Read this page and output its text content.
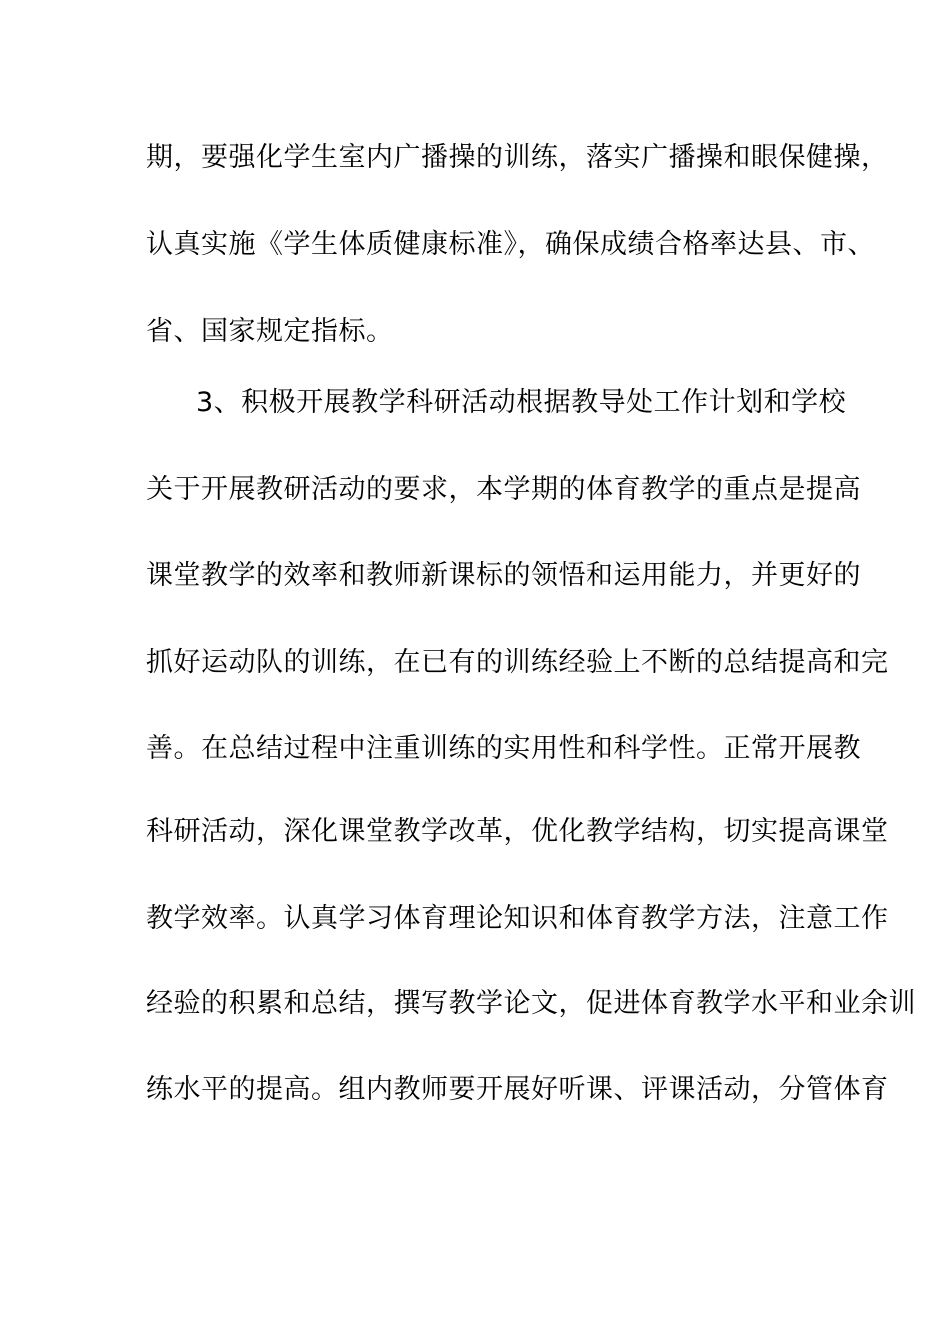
期，要强化学生室内广播操的训练，落实广播操和眼保健操，
认真实施《学生体质健康标准》，确保成绩合格率达县、市、
省、国家规定指标。
3、积极开展教学科研活动根据教导处工作计划和学校
关于开展教研活动的要求，本学期的体育教学的重点是提高
课堂教学的效率和教师新课标的领悟和运用能力，并更好的
抓好运动队的训练，在已有的训练经验上不断的总结提高和完
善。在总结过程中注重训练的实用性和科学性。正常开展教
科研活动，深化课堂教学改革，优化教学结构，切实提高课堂
教学效率。认真学习体育理论知识和体育教学方法，注意工作
经验的积累和总结，撰写教学论文，促进体育教学水平和业余训
练水平的提高。组内教师要开展好听课、评课活动，分管体育
